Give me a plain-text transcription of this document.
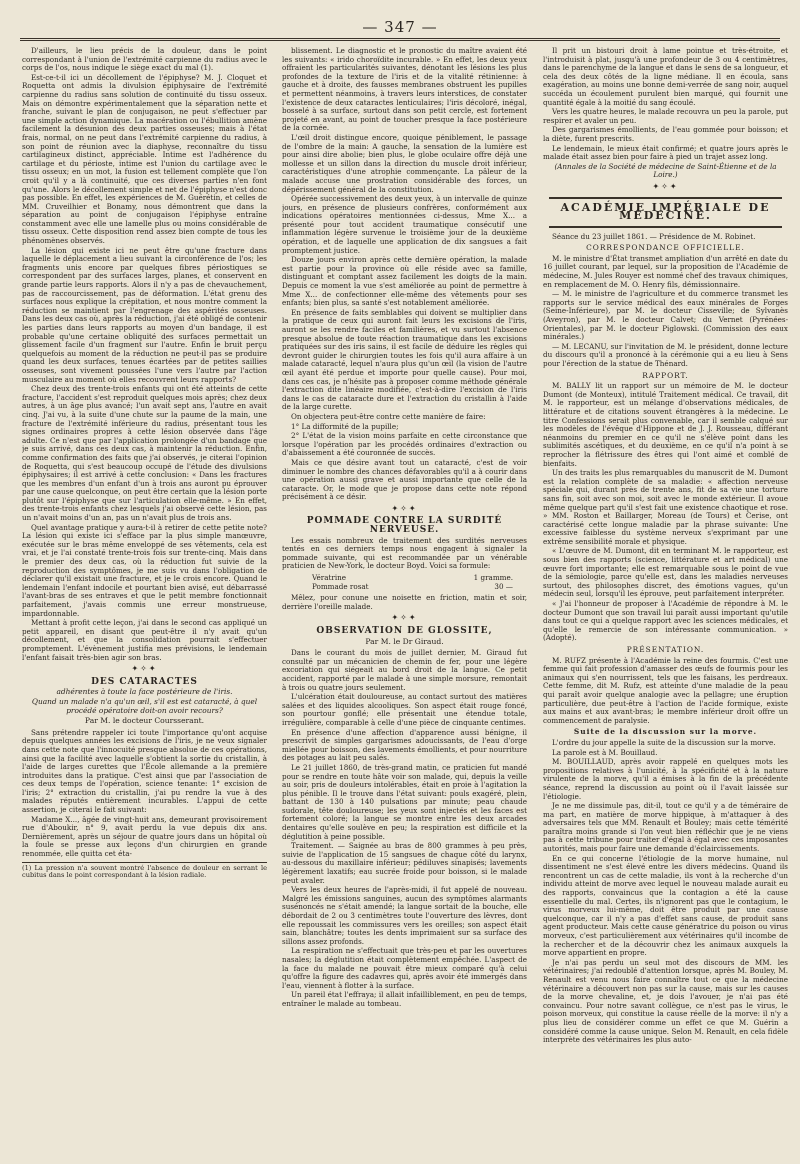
— 347 —

D'ailleurs, le lieu précis de la douleur, dans le point correspondant à l'union de l'extrémité carpienne du radius avec le corps de l'os, nous indique le siège exact du mal (1).

Est-ce-t-il ici un décollement de l'épiphyse? M. J. Cloquet et Roquetta ont admis la divulsion épiphysaire de l'extrémité carpienne du radius sans solution de continuité du tissu osseux. Mais on démontre expérimentalement que la séparation nette et franche, suivant le plan de conjugaison, ne peut s'effectuer par une simple action dynamique. La macération ou l'ébullition amène facilement la désunion des deux parties osseuses; mais à l'état frais, normal, on ne peut dans l'extrémité carpienne du radius, à son point de réunion avec la diaphyse, reconnaître du tissu cartilagineux distinct, appréciable. Intime est l'adhérence du cartilage et du périoste, intime est l'union du cartilage avec le tissu osseux; en un mot, la fusion est tellement complète que l'on croit qu'il y a là continuité, que ces diverses parties n'en font qu'une. Alors le décollement simple et net de l'épiphyse n'est donc pas possible. En effet, les expériences de M. Guérétin, et celles de MM. Cruveilhier et Bonamy, nous démontrent que dans la séparation au point de conjugaison l'épiphyse entraîne constamment avec elle une lamelle plus ou moins considérable de tissu osseux. Cette disposition rend assez bien compte de tous les phénomènes observés.

La lésion qui existe ici ne peut être qu'une fracture dans laquelle le déplacement a lieu suivant la circonférence de l'os; les fragments unis encore par quelques fibres périostiques se correspondent par des surfaces larges, planes, et conservent en grande partie leurs rapports. Alors il n'y a pas de chevauchement, pas de raccourcissement, pas de déformation. L'état grenu des surfaces nous explique la crépitation, et nous montre comment la réduction se maintient par l'engrenage des aspérités osseuses. Dans les deux cas où, après la réduction, j'ai été obligé de contenir les parties dans leurs rapports au moyen d'un bandage, il est probable qu'une certaine obliquité des surfaces permettait un glissement facile d'un fragment sur l'autre. Enfin le bruit perçu quelquefois au moment de la réduction ne peut-il pas se produire quand les deux surfaces, tenues écartées par de petites saillies osseuses, sont vivement poussées l'une vers l'autre par l'action musculaire au moment où elles recouvrent leurs rapports?

Chez deux des trente-trois enfants qui ont été atteints de cette fracture, l'accident s'est reproduit quelques mois après; chez deux autres, à un âge plus avancé; l'un avait sept ans, l'autre en avait cinq. J'ai vu, à la suite d'une chute sur la paume de la main, une fracture de l'extrémité inférieure du radius, présentant tous les signes ordinaires propres à cette lésion observée dans l'âge adulte. Ce n'est que par l'application prolongée d'un bandage que je suis arrivé, dans ces deux cas, à maintenir la réduction. Enfin, comme confirmation des faits que j'ai observés, je citerai l'opinion de Roquetta, qui s'est beaucoup occupé de l'étude des divulsions épiphysaires; il est arrivé à cette conclusion: « Dans les fractures que les membres d'un enfant d'un à trois ans auront pu éprouver par une cause quelconque, on peut être certain que la lésion porte plutôt sur l'épiphyse que sur l'articulation elle-même. » En effet, des trente-trois enfants chez lesquels j'ai observé cette lésion, pas un n'avait moins d'un an, pas un n'avait plus de trois ans.

Quel avantage pratique y aura-t-il à retirer de cette petite note? La lésion qui existe ici s'efface par la plus simple manœuvre, exécutée sur le bras même enveloppé de ses vêtements, cela est vrai, et je l'ai constaté trente-trois fois sur trente-cinq. Mais dans le premier des deux cas, où la réduction fut suivie de la reproduction des symptômes, je me suis vu dans l'obligation de déclarer qu'il existait une fracture, et je le crois encore. Quand le lendemain l'enfant indocile et pourtant bien avisé, eut débarrassé l'avant-bras de ses entraves et que le petit membre fonctionnait parfaitement, j'avais commis une erreur monstrueuse, impardonnable.

Mettant à profit cette leçon, j'ai dans le second cas appliqué un petit appareil, en disant que peut-être il n'y avait qu'un décollement, et que la consolidation pourrait s'effectuer promptement. L'évènement justifia mes prévisions, le lendemain l'enfant faisait très-bien agir son bras.

✦✧✦
DES CATARACTES
adhérentes à toute la face postérieure de l'iris.
Quand un malade n'a qu'un œil, s'il est est cataracté, à quel procédé opératoire doit-on avoir recours?
Par M. le docteur Coursserant.

Sans prétendre rappeler ici toute l'importance qu'ont acquise depuis quelques années les excisions de l'iris, je ne veux signaler dans cette note que l'innocuité presque absolue de ces opérations, ainsi que la facilité avec laquelle s'obtient la sortie du cristallin, à l'aide de larges curettes que l'École allemande a la première introduites dans la pratique. C'est ainsi que par l'association de ces deux temps de l'opération, science tenante: 1° excision de l'iris; 2° extraction du cristallin, j'ai pu rendre la vue à des malades réputés entièrement incurables. L'appui de cette assertion, je citerai le fait suivant:

Madame X..., âgée de vingt-huit ans, demeurant provisoirement rue d'Aboukir, n° 9, avait perdu la vue depuis dix ans. Dernièrement, après un séjour de quatre jours dans un hôpital où la foule se presse aux leçons d'un chirurgien en grande renommée, elle quitta cet éta-

(1) La pression n'a souvent montré l'absence de douleur en serrant le cubitus dans le point correspondant à la lésion radiale.

blissement. Le diagnostic et le pronostic du maître avaient été les suivants: « irido choroïdite incurable. » En effet, les deux yeux offraient les particularités suivantes, dénotant les lésions les plus profondes de la texture de l'iris et de la vitalité rétinienne: à gauche et à droite, des fausses membranes obstruent les pupilles et permettent néanmoins, à travers leurs interstices, de constater l'existence de deux cataractes lenticulaires; l'iris décoloré, inégal, bosselé à sa surface, surtout dans son petit cercle, est fortement projeté en avant, au point de toucher presque la face postérieure de la cornée.

L'œil droit distingue encore, quoique péniblement, le passage de l'ombre de la main: A gauche, la sensation de la lumière est pour ainsi dire abolie; bien plus, le globe oculaire offre déjà une mollesse et un sillon dans la direction du muscle droit inférieur, caractéristiques d'une atrophie commençante. La pâleur de la malade accuse une prostration considérable des forces, un dépérissement général de la constitution.

Opérée successivement des deux yeux, à un intervalle de quinze jours, en présence de plusieurs confrères, conformément aux indications opératoires mentionnées ci-dessus, Mme X... a présenté pour tout accident traumatique consécutif une inflammation légère survenue le troisième jour de la deuxième opération, et de laquelle une application de dix sangsues a fait promptement justice.

Douze jours environ après cette dernière opération, la malade est partie pour la province où elle réside avec sa famille, distinguant et comptant assez facilement les doigts de la main. Depuis ce moment la vue s'est améliorée au point de permettre à Mme X... de confectionner elle-même des vêtements pour ses enfants; bien plus, sa santé s'est notablement améliorée.

En présence de faits semblables qui doivent se multiplier dans la pratique de ceux qui auront fait leurs les excisions de l'iris, auront se les rendre faciles et familières, et vu surtout l'absence presque absolue de toute réaction traumatique dans les excisions pratiquées sur des iris sains, il est facile de déduire les règles qui devront guider le chirurgien toutes les fois qu'il aura affaire à un malade cataracté, lequel n'aura plus qu'un œil (la vision de l'autre œil ayant été perdue et importe pour quelle cause). Pour moi, dans ces cas, je n'hésite pas à proposer comme méthode générale l'extraction dite linéaire modifiée, c'est-à-dire l'excision de l'iris dans le cas de cataracte dure et l'extraction du cristallin à l'aide de la large curette.

On objectera peut-être contre cette manière de faire:

1° La difformité de la pupille;

2° L'état de la vision moins parfaite en cette circonstance que lorsque l'opération par les procédés ordinaires d'extraction ou d'abaissement a été couronnée de succès.

Mais ce que désire avant tout un cataracté, c'est de voir diminuer le nombre des chances défavorables qu'il a à courir dans une opération aussi grave et aussi importante que celle de la cataracte. Or, le mode que je propose dans cette note répond précisément à ce désir.

✦✧✦
POMMADE CONTRE LA SURDITÉ NERVEUSE.

Les essais nombreux de traitement des surdités nerveuses tentés en ces derniers temps nous engagent à signaler la pommade suivante, qui est recommandée par un vénérable praticien de New-York, le docteur Boyd. Voici sa formule:

Vératrine	1 gramme.
Pommade rosat	30 —

Mêlez, pour conune une noisette en friction, matin et soir, derrière l'oreille malade.

✦✧✦
OBSERVATION DE GLOSSITE,
Par M. le Dr Giraud.

Dans le courant du mois de juillet dernier, M. Giraud fut consulté par un mécanicien de chemin de fer, pour une légère excoriation qui siégeait au bord droit de la langue. Ce petit accident, rapporté par le malade à une simple morsure, remontait à trois ou quatre jours seulement.

L'ulcération était douloureuse, au contact surtout des matières salées et des liquides alcooliques. Son aspect était rouge foncé, son pourtour gonflé; elle présentait une étendue totale, irrégulière, comparable à celle d'une pièce de cinquante centimes.

En présence d'une affection d'apparence aussi bénigne, il prescrivit de simples gargarismes adoucissants, de l'eau d'orge miellée pour boisson, des lavements émollients, et pour nourriture des potages au lait peu salés.

Le 21 juillet 1860, de très-grand matin, ce praticien fut mandé pour se rendre en toute hâte voir son malade, qui, depuis la veille au soir, pris de douleurs intolérables, était en proie à l'agitation la plus pénible. Il le trouve dans l'état suivant: pouls exagéré, plein, battant de 130 à 140 pulsations par minute; peau chaude sudorale, tête douloureuse; les yeux sont injectés et les faces est fortement coloré; la langue se montre entre les deux arcades dentaires qu'elle soulève en peu; la respiration est difficile et la déglutition à peine possible.

Traitement. — Saignée au bras de 800 grammes à peu près, suivie de l'application de 15 sangsues de chaque côté du larynx, au-dessous du maxillaire inférieur; pédiluves sinapisés; lavements légèrement laxatifs; eau sucrée froide pour boisson, si le malade peut avaler.

Vers les deux heures de l'après-midi, il fut appelé de nouveau. Malgré les émissions sanguines, aucun des symptômes alarmants susénoncés ne s'était amendé; la langue sortait de la bouche, elle débordait de 2 ou 3 centimètres toute l'ouverture des lèvres, dont elle repoussait les commissures vers les oreilles; son aspect était sain, blanchâtre; toutes les dents imprimaient sur sa surface des sillons assez profonds.

La respiration ne s'effectuait que très-peu et par les ouvertures nasales; la déglutition était complètement empêchée. L'aspect de la face du malade ne pouvait être mieux comparé qu'à celui qu'offre la figure des cadavres qui, après avoir été immergés dans l'eau, viennent à flotter à la surface.

Un pareil état l'effraya; il allait infailliblement, en peu de temps, entraîner le malade au tombeau.

Il prit un bistouri droit à lame pointue et très-étroite, et l'introduisit à plat, jusqu'à une profondeur de 3 ou 4 centimètres, dans le parenchyme de la langue et dans le sens de sa longueur, et cela des deux côtés de la ligne médiane. Il en écoula, sans exagération, au moins une bonne demi-verrée de sang noir, auquel succéda un écoulement purulent bien marqué, qui fournit une quantité égale à la moitié du sang écoulé.

Vers les quatre heures, le malade recouvra un peu la parole, put respirer et avaler un peu.

Des gargarismes émollients, de l'eau gommée pour boisson; et la diète, furent prescrits.

Le lendemain, le mieux était confirmé; et quatre jours après le malade était assez bien pour faire à pied un trajet assez long.

(Annales de la Société de médecine de Saint-Étienne et de la Loire.)
✦✧✦
ACADÉMIE IMPÉRIALE DE MÉDECINE.

Séance du 23 juillet 1861. — Présidence de M. Robinet.

CORRESPONDANCE OFFICIELLE.

M. le ministre d'État transmet ampliation d'un arrêté en date du 16 juillet courant, par lequel, sur la proposition de l'Académie de médecine, M. Jules Rouyer est nommé chef des travaux chimiques, en remplacement de M. O. Henry fils, démissionnaire.

— M. le ministre de l'agriculture et du commerce transmet les rapports sur le service médical des eaux minérales de Forges (Seine-Inférieure), par M. le docteur Cisseville; de Sylvanès (Aveyron), par M. le docteur Calvet; du Vernet (Pyrénées-Orientales), par M. le docteur Piglowski. (Commission des eaux minérales.)

— M. LECANU, sur l'invitation de M. le président, donne lecture du discours qu'il a prononcé à la cérémonie qui a eu lieu à Sens pour l'érection de la statue de Thénard.

RAPPORT.

M. BALLY lit un rapport sur un mémoire de M. le docteur Dumont (de Monteux), intitulé Traitement médical. Ce travail, dit M. le rapporteur, est un mélange d'observations médicales, de littérature et de citations souvent étrangères à la médecine. Le titre Confessions serait plus convenable, car il semble calqué sur les modèles de l'évêque d'Hippone et de J. J. Rousseau, différant néanmoins du premier en ce qu'il ne s'élève point dans les sublimités ascétiques, et du deuxième, en ce qu'il n'a point à se reprocher la flétrissure des êtres qui l'ont aimé et comblé de bienfaits.

Un des traits les plus remarquables du manuscrit de M. Dumont est la relation complète de sa maladie: « affection nerveuse spéciale qui, durant près de trente ans, fit de sa vie une torture sans fin, soit avec son moi, soit avec le monde extérieur. Il avoue même quelque part qu'il s'est fait une existence chaotique et rose. » MM. Roston et Baillarger, Moreau (de Tours) et Cerise, ont caractérisé cette longue maladie par la phrase suivante: Une excessive faiblesse du système nerveux s'exprimant par une extrême sensibilité morale et physique.

« L'œuvre de M. Dumont, dit en terminant M. le rapporteur, est sous bien des rapports (science, littérature et art médical) une œuvre fort importante; elle est remarquable sous le point de vue de la sémiologie, parce qu'elle est, dans les maladies nerveuses surtout, des philosophes discret, des émotions vagues, qu'un médecin seul, lorsqu'il les éprouve, peut parfaitement interpréter.

« J'ai l'honneur de proposer à l'Académie de répondre à M. le docteur Dumont que son travail lui paraît aussi important qu'utile dans tout ce qui a quelque rapport avec les sciences médicales, et qu'elle le remercie de son intéressante communication. » (Adopté).

PRÉSENTATION.

M. RUFZ présente à l'Académie la reine des fourmis. C'est une femme qui fait profession d'amasser des œufs de fourmis pour les animaux qui s'en nourrissent, tels que les faisans, les perdreaux. Cette femme, dit M. Rufz, est atteinte d'une maladie de la peau qui paraît avoir quelque analogie avec la pellagre; une éruption particulière, due peut-être à l'action de l'acide formique, existe aux mains et aux avant-bras; le membre inférieur droit offre un commencement de paralysie.

Suite de la discussion sur la morve.

L'ordre du jour appelle la suite de la discussion sur la morve.

La parole est à M. Bouillaud.

M. BOUILLAUD, après avoir rappelé en quelques mots les propositions relatives à l'unicité, à la spécificité et à la nature virulente de la morve, qu'il a émises à la fin de la précédente séance, reprend la discussion au point où il l'avait laissée sur l'étiologie.

Je ne me dissimule pas, dit-il, tout ce qu'il y a de téméraire de ma part, en matière de morve hippique, à m'attaquer à des adversaires tels que MM. Renault et Bouley; mais cette témérité paraîtra moins grande si l'on veut bien réfléchir que je ne viens pas à cette tribune pour traiter d'égal à égal avec ces imposantes autorités, mais pour faire une demande d'éclaircissements.

En ce qui concerne l'étiologie de la morve humaine, nul dissentiment ne s'est élevé entre les divers médecins. Quand ils rencontrent un cas de cette maladie, ils vont à la recherche d'un individu atteint de morve avec lequel le nouveau malade aurait eu des rapports, convaincus que la contagion a été la cause essentielle du mal. Certes, ils n'ignorent pas que le contagium, le virus morveux lui-même, doit être produit par une cause quelconque, car il n'y a pas d'effet sans cause, de produit sans agent producteur. Mais cette cause génératrice du poison ou virus morveux, c'est particulièrement aux vétérinaires qu'il incombe de la rechercher et de la découvrir chez les animaux auxquels la morve appartient en propre.

Je n'ai pas perdu un seul mot des discours de MM. les vétérinaires; j'ai redoublé d'attention lorsque, après M. Bouley, M. Renault est venu nous faire connaître tout ce que la médecine vétérinaire a découvert non pas sur la cause, mais sur les causes de la morve chevaline, et, je dois l'avouer, je n'ai pas été convaincu. Pour notre savant collègue, ce n'est pas le virus, le poison morveux, qui constitue la cause réelle de la morve: il n'y a plus lieu de considérer comme un effet ce que M. Guérin a considéré comme la cause unique. Selon M. Renault, en cela fidèle interprète des vétérinaires les plus auto-
